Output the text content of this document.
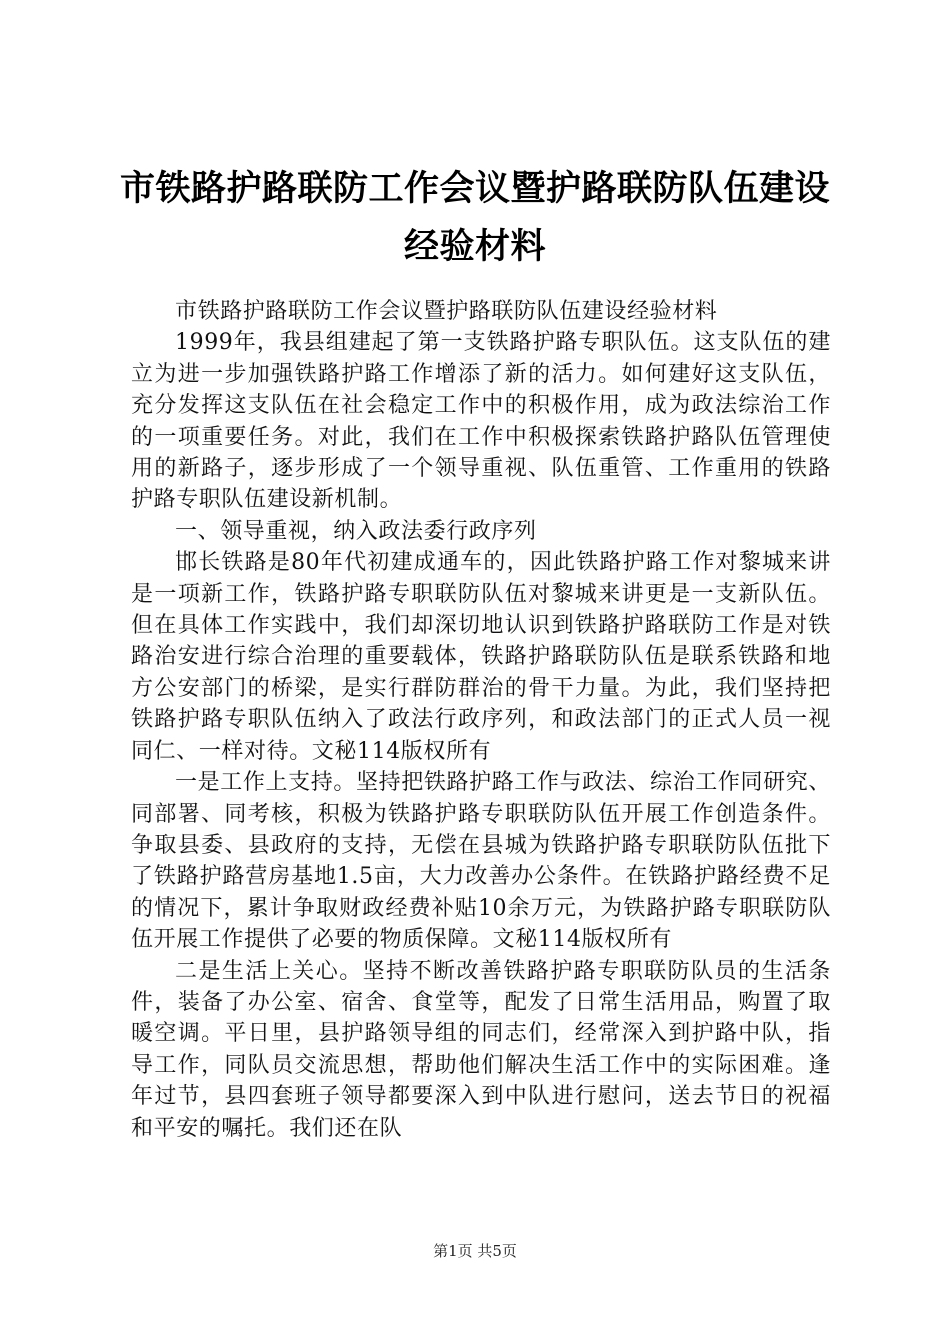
市铁路护路联防工作会议暨护路联防队伍建设

经验材料

市铁路护路联防工作会议暨护路联防队伍建设经验材料

1999年，我县组建起了第一支铁路护路专职队伍。这支队伍的建立为进一步加强铁路护路工作增添了新的活力。如何建好这支队伍，充分发挥这支队伍在社会稳定工作中的积极作用，成为政法综治工作的一项重要任务。对此，我们在工作中积极探索铁路护路队伍管理使用的新路子，逐步形成了一个领导重视、队伍重管、工作重用的铁路护路专职队伍建设新机制。

一、领导重视，纳入政法委行政序列

邯长铁路是80年代初建成通车的，因此铁路护路工作对黎城来讲是一项新工作，铁路护路专职联防队伍对黎城来讲更是一支新队伍。但在具体工作实践中，我们却深切地认识到铁路护路联防工作是对铁路治安进行综合治理的重要载体，铁路护路联防队伍是联系铁路和地方公安部门的桥梁，是实行群防群治的骨干力量。为此，我们坚持把铁路护路专职队伍纳入了政法行政序列，和政法部门的正式人员一视同仁、一样对待。文秘114版权所有

一是工作上支持。坚持把铁路护路工作与政法、综治工作同研究、同部署、同考核，积极为铁路护路专职联防队伍开展工作创造条件。争取县委、县政府的支持，无偿在县城为铁路护路专职联防队伍批下了铁路护路营房基地1.5亩，大力改善办公条件。在铁路护路经费不足的情况下，累计争取财政经费补贴10余万元，为铁路护路专职联防队伍开展工作提供了必要的物质保障。文秘114版权所有

二是生活上关心。坚持不断改善铁路护路专职联防队员的生活条件，装备了办公室、宿舍、食堂等，配发了日常生活用品，购置了取暖空调。平日里，县护路领导组的同志们，经常深入到护路中队，指导工作，同队员交流思想，帮助他们解决生活工作中的实际困难。逢年过节，县四套班子领导都要深入到中队进行慰问，送去节日的祝福和平安的嘱托。我们还在队

第1页 共5页
